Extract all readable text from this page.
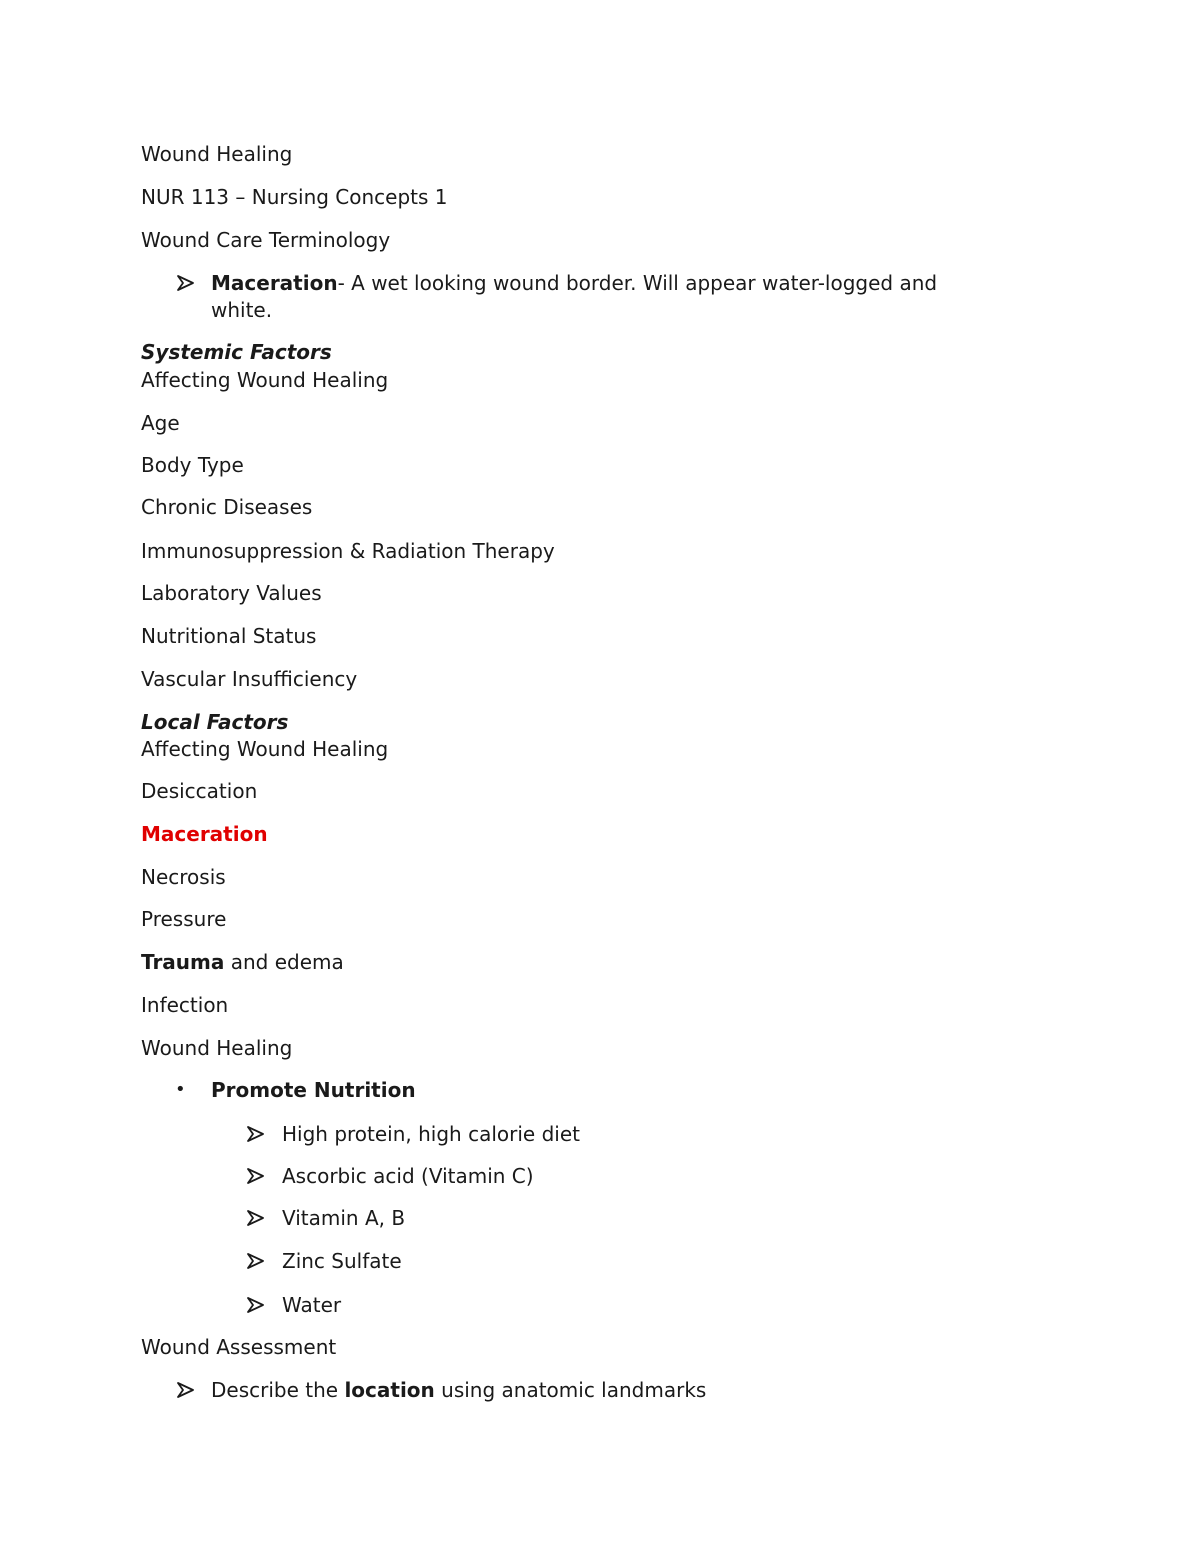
Wound Healing
NUR 113 – Nursing Concepts 1
Wound Care Terminology
Maceration- A wet looking wound border. Will appear water-logged and
white.
Systemic Factors
Affecting Wound Healing
Age
Body Type
Chronic Diseases
Immunosuppression & Radiation Therapy
Laboratory Values
Nutritional Status
Vascular Insufficiency
Local Factors
Affecting Wound Healing
Desiccation
Maceration
Necrosis
Pressure
Trauma and edema
Infection
Wound Healing
• Promote Nutrition
High protein, high calorie diet
Ascorbic acid (Vitamin C)
Vitamin A, B
Zinc Sulfate
Water
Wound Assessment
Describe the location using anatomic landmarks
